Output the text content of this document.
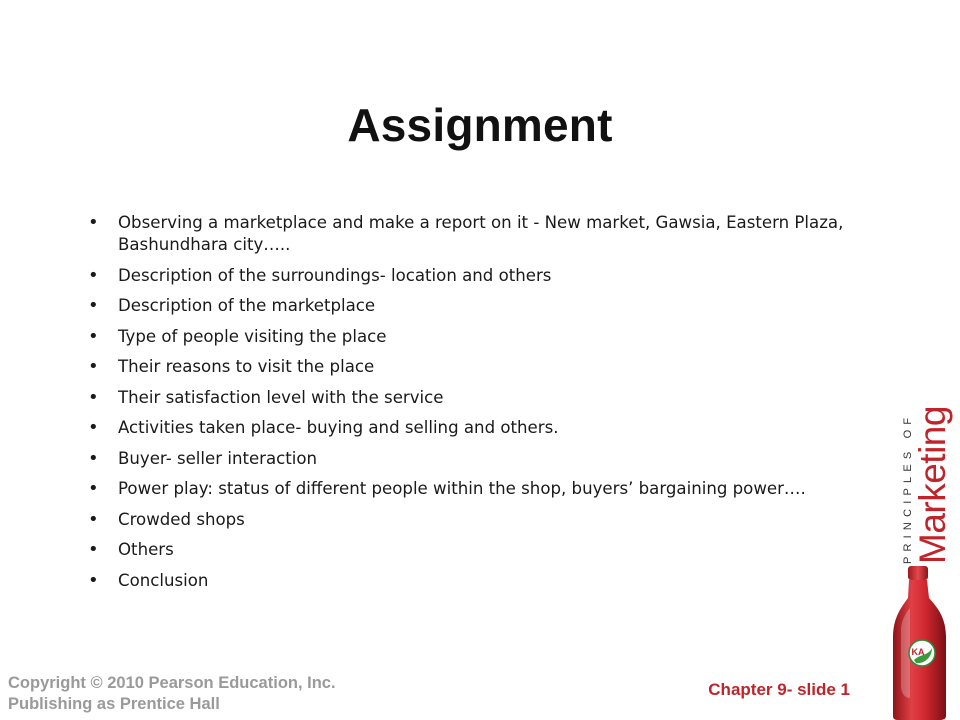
Assignment
• Observing a marketplace and make a report on it - New market, Gawsia, Eastern Plaza, Bashundhara city…..
• Description of the surroundings- location and others
• Description of the marketplace
• Type of people visiting the place
• Their reasons to visit the place
• Their satisfaction level with the service
• Activities taken place- buying and selling and others.
• Buyer- seller interaction
• Power play: status of different people within the shop, buyers’ bargaining power….
• Crowded shops
• Others
• Conclusion
PRINCIPLES OF
Marketing
KA
Copyright © 2010 Pearson Education, Inc.
Publishing as Prentice Hall
Chapter 9- slide 1
